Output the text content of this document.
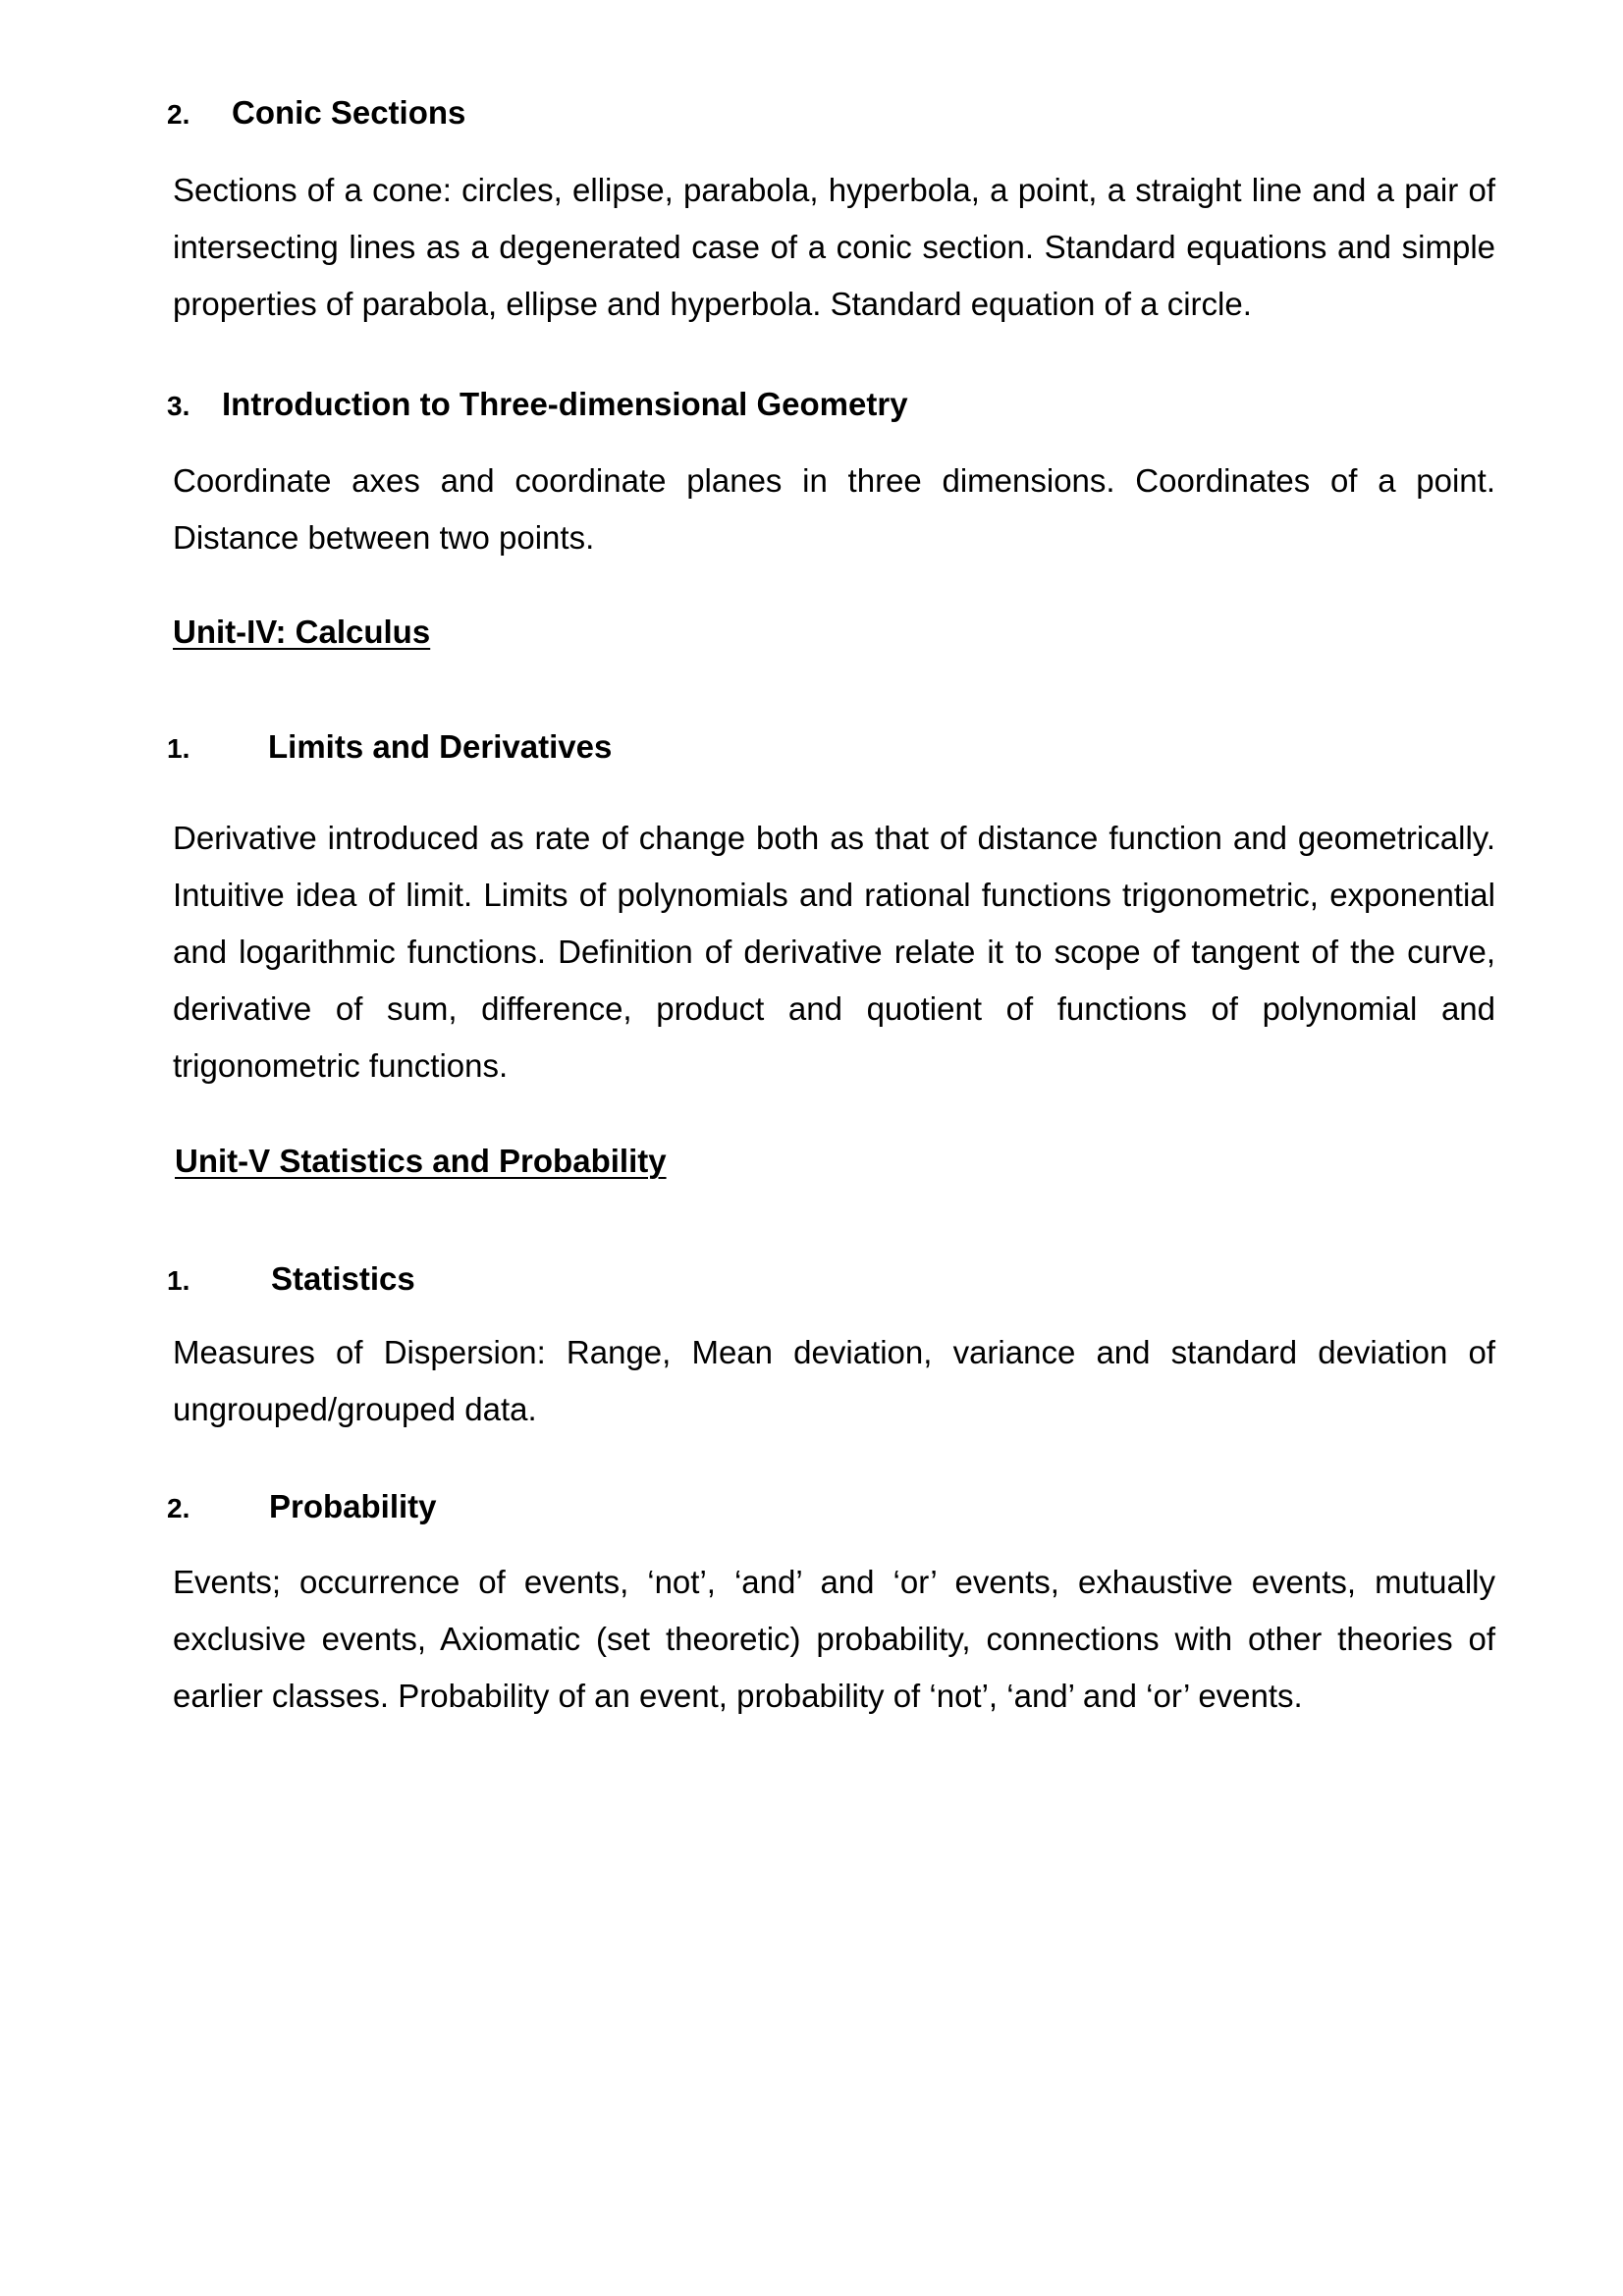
2. Conic Sections
Sections of a cone: circles, ellipse, parabola, hyperbola, a point, a straight line and a pair of intersecting lines as a degenerated case of a conic section. Standard equations and simple properties of parabola, ellipse and hyperbola. Standard equation of a circle.
3. Introduction to Three-dimensional Geometry
Coordinate axes and coordinate planes in three dimensions. Coordinates of a point. Distance between two points.
Unit-IV: Calculus
1. Limits and Derivatives
Derivative introduced as rate of change both as that of distance function and geometrically. Intuitive idea of limit. Limits of polynomials and rational functions trigonometric, exponential and logarithmic functions. Definition of derivative relate it to scope of tangent of the curve, derivative of sum, difference, product and quotient of functions of polynomial and trigonometric functions.
Unit-V Statistics and Probability
1.	Statistics
Measures of Dispersion: Range, Mean deviation, variance and standard deviation of ungrouped/grouped data.
2. Probability
Events; occurrence of events, ‘not’, ‘and’ and ‘or’ events, exhaustive events, mutually exclusive events, Axiomatic (set theoretic) probability, connections with other theories of earlier classes. Probability of an event, probability of ‘not’, ‘and’ and ‘or’ events.
